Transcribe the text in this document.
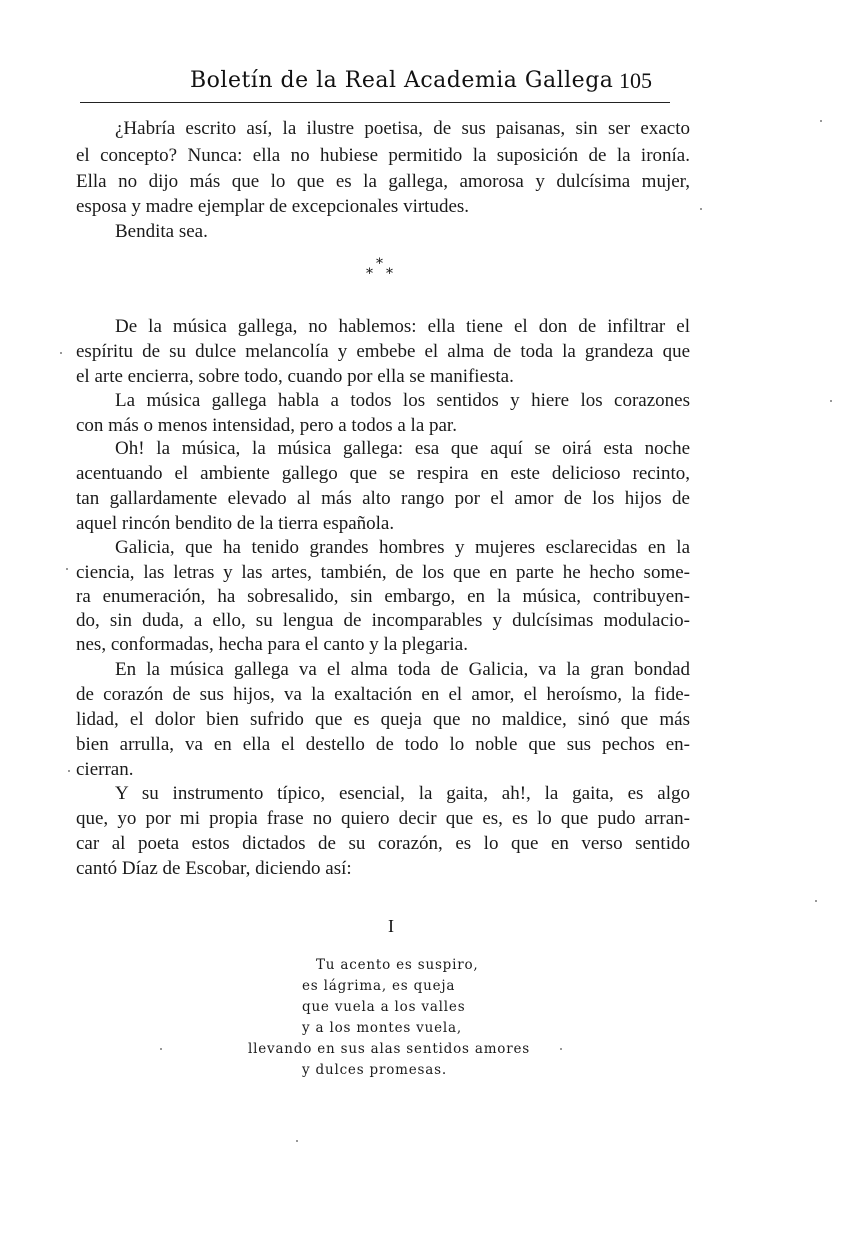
Boletín de la Real Academia Gallega 105
¿Habría escrito así, la ilustre poetisa, de sus paisanas, sin ser exacto
el concepto? Nunca: ella no hubiese permitido la suposición de la ironía.
Ella no dijo más que lo que es la gallega, amorosa y dulcísima mujer,
esposa y madre ejemplar de excepcionales virtudes.
Bendita sea.
*
* *
De la música gallega, no hablemos: ella tiene el don de infiltrar el
espíritu de su dulce melancolía y embebe el alma de toda la grandeza que
el arte encierra, sobre todo, cuando por ella se manifiesta.
La música gallega habla a todos los sentidos y hiere los corazones
con más o menos intensidad, pero a todos a la par.
Oh! la música, la música gallega: esa que aquí se oirá esta noche
acentuando el ambiente gallego que se respira en este delicioso recinto,
tan gallardamente elevado al más alto rango por el amor de los hijos de
aquel rincón bendito de la tierra española.
Galicia, que ha tenido grandes hombres y mujeres esclarecidas en la
ciencia, las letras y las artes, también, de los que en parte he hecho some-
ra enumeración, ha sobresalido, sin embargo, en la música, contribuyen-
do, sin duda, a ello, su lengua de incomparables y dulcísimas modulacio-
nes, conformadas, hecha para el canto y la plegaria.
En la música gallega va el alma toda de Galicia, va la gran bondad
de corazón de sus hijos, va la exaltación en el amor, el heroísmo, la fide-
lidad, el dolor bien sufrido que es queja que no maldice, sinó que más
bien arrulla, va en ella el destello de todo lo noble que sus pechos en-
cierran.
Y su instrumento típico, esencial, la gaita, ah!, la gaita, es algo
que, yo por mi propia frase no quiero decir que es, es lo que pudo arran-
car al poeta estos dictados de su corazón, es lo que en verso sentido
cantó Díaz de Escobar, diciendo así:
I
Tu acento es suspiro,
es lágrima, es queja
que vuela a los valles
y a los montes vuela,
llevando en sus alas sentidos amores
y dulces promesas.
